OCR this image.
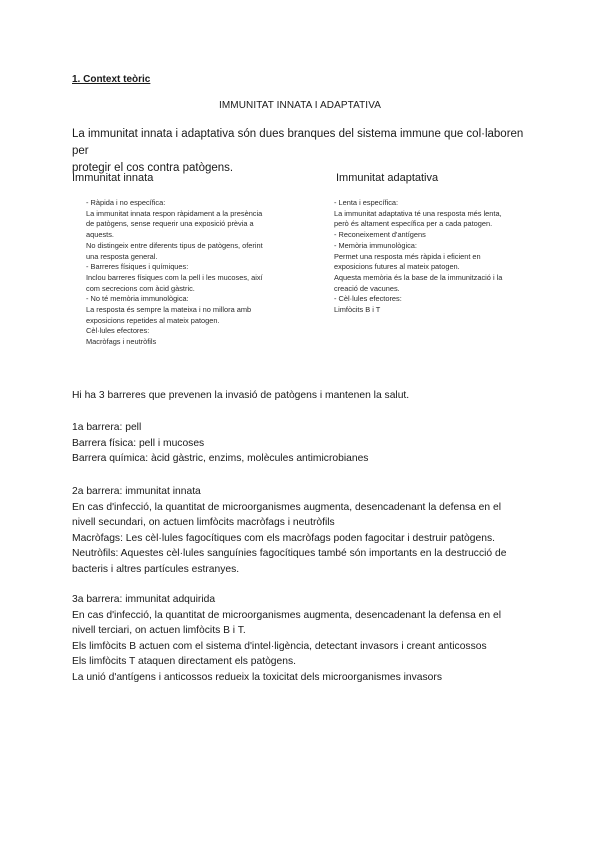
1. Context teòric
IMMUNITAT INNATA I ADAPTATIVA
La immunitat innata i adaptativa són dues branques del sistema immune que col·laboren per
protegir el cos contra patògens.
Immunitat innata	Immunitat adaptativa
- Ràpida i no específica:
La immunitat innata respon ràpidament a la presència
de patògens, sense requerir una exposició prèvia a
aquests.
No distingeix entre diferents tipus de patògens, oferint
una resposta general.
- Barreres físiques i químiques:
Inclou barreres físiques com la pell i les mucoses, així
com secrecions com àcid gàstric.
- No té memòria immunològica:
La resposta és sempre la mateixa i no millora amb
exposicions repetides al mateix patogen.
Cèl·lules efectores:
Macròfags i neutròfils
- Lenta i específica:
La immunitat adaptativa té una resposta més lenta,
però és altament específica per a cada patogen.
- Reconeixement d'antígens
- Memòria immunològica:
Permet una resposta més ràpida i eficient en
exposicions futures al mateix patogen.
Aquesta memòria és la base de la immunització i la
creació de vacunes.
- Cèl·lules efectores:
Limfòcits B i T
Hi ha 3 barreres que prevenen la invasió de patògens i mantenen la salut.
1a barrera: pell
Barrera física: pell i mucoses
Barrera química: àcid gàstric, enzims, molècules antimicrobianes
2a barrera: immunitat innata
En cas d'infecció, la quantitat de microorganismes augmenta, desencadenant la defensa en el
nivell secundari, on actuen limfòcits macròfags i neutròfils
Macròfags: Les cèl·lules fagocítiques com els macròfags poden fagocitar i destruir patògens.
Neutròfils: Aquestes cèl·lules sanguínies fagocítiques també són importants en la destrucció de
bacteris i altres partícules estranyes.
3a barrera: immunitat adquirida
En cas d'infecció, la quantitat de microorganismes augmenta, desencadenant la defensa en el
nivell terciari, on actuen limfòcits B i T.
Els limfòcits B actuen com el sistema d'intel·ligència, detectant invasors i creant anticossos
Els limfòcits T ataquen directament els patògens.
La unió d'antígens i anticossos redueix la toxicitat dels microorganismes invasors
